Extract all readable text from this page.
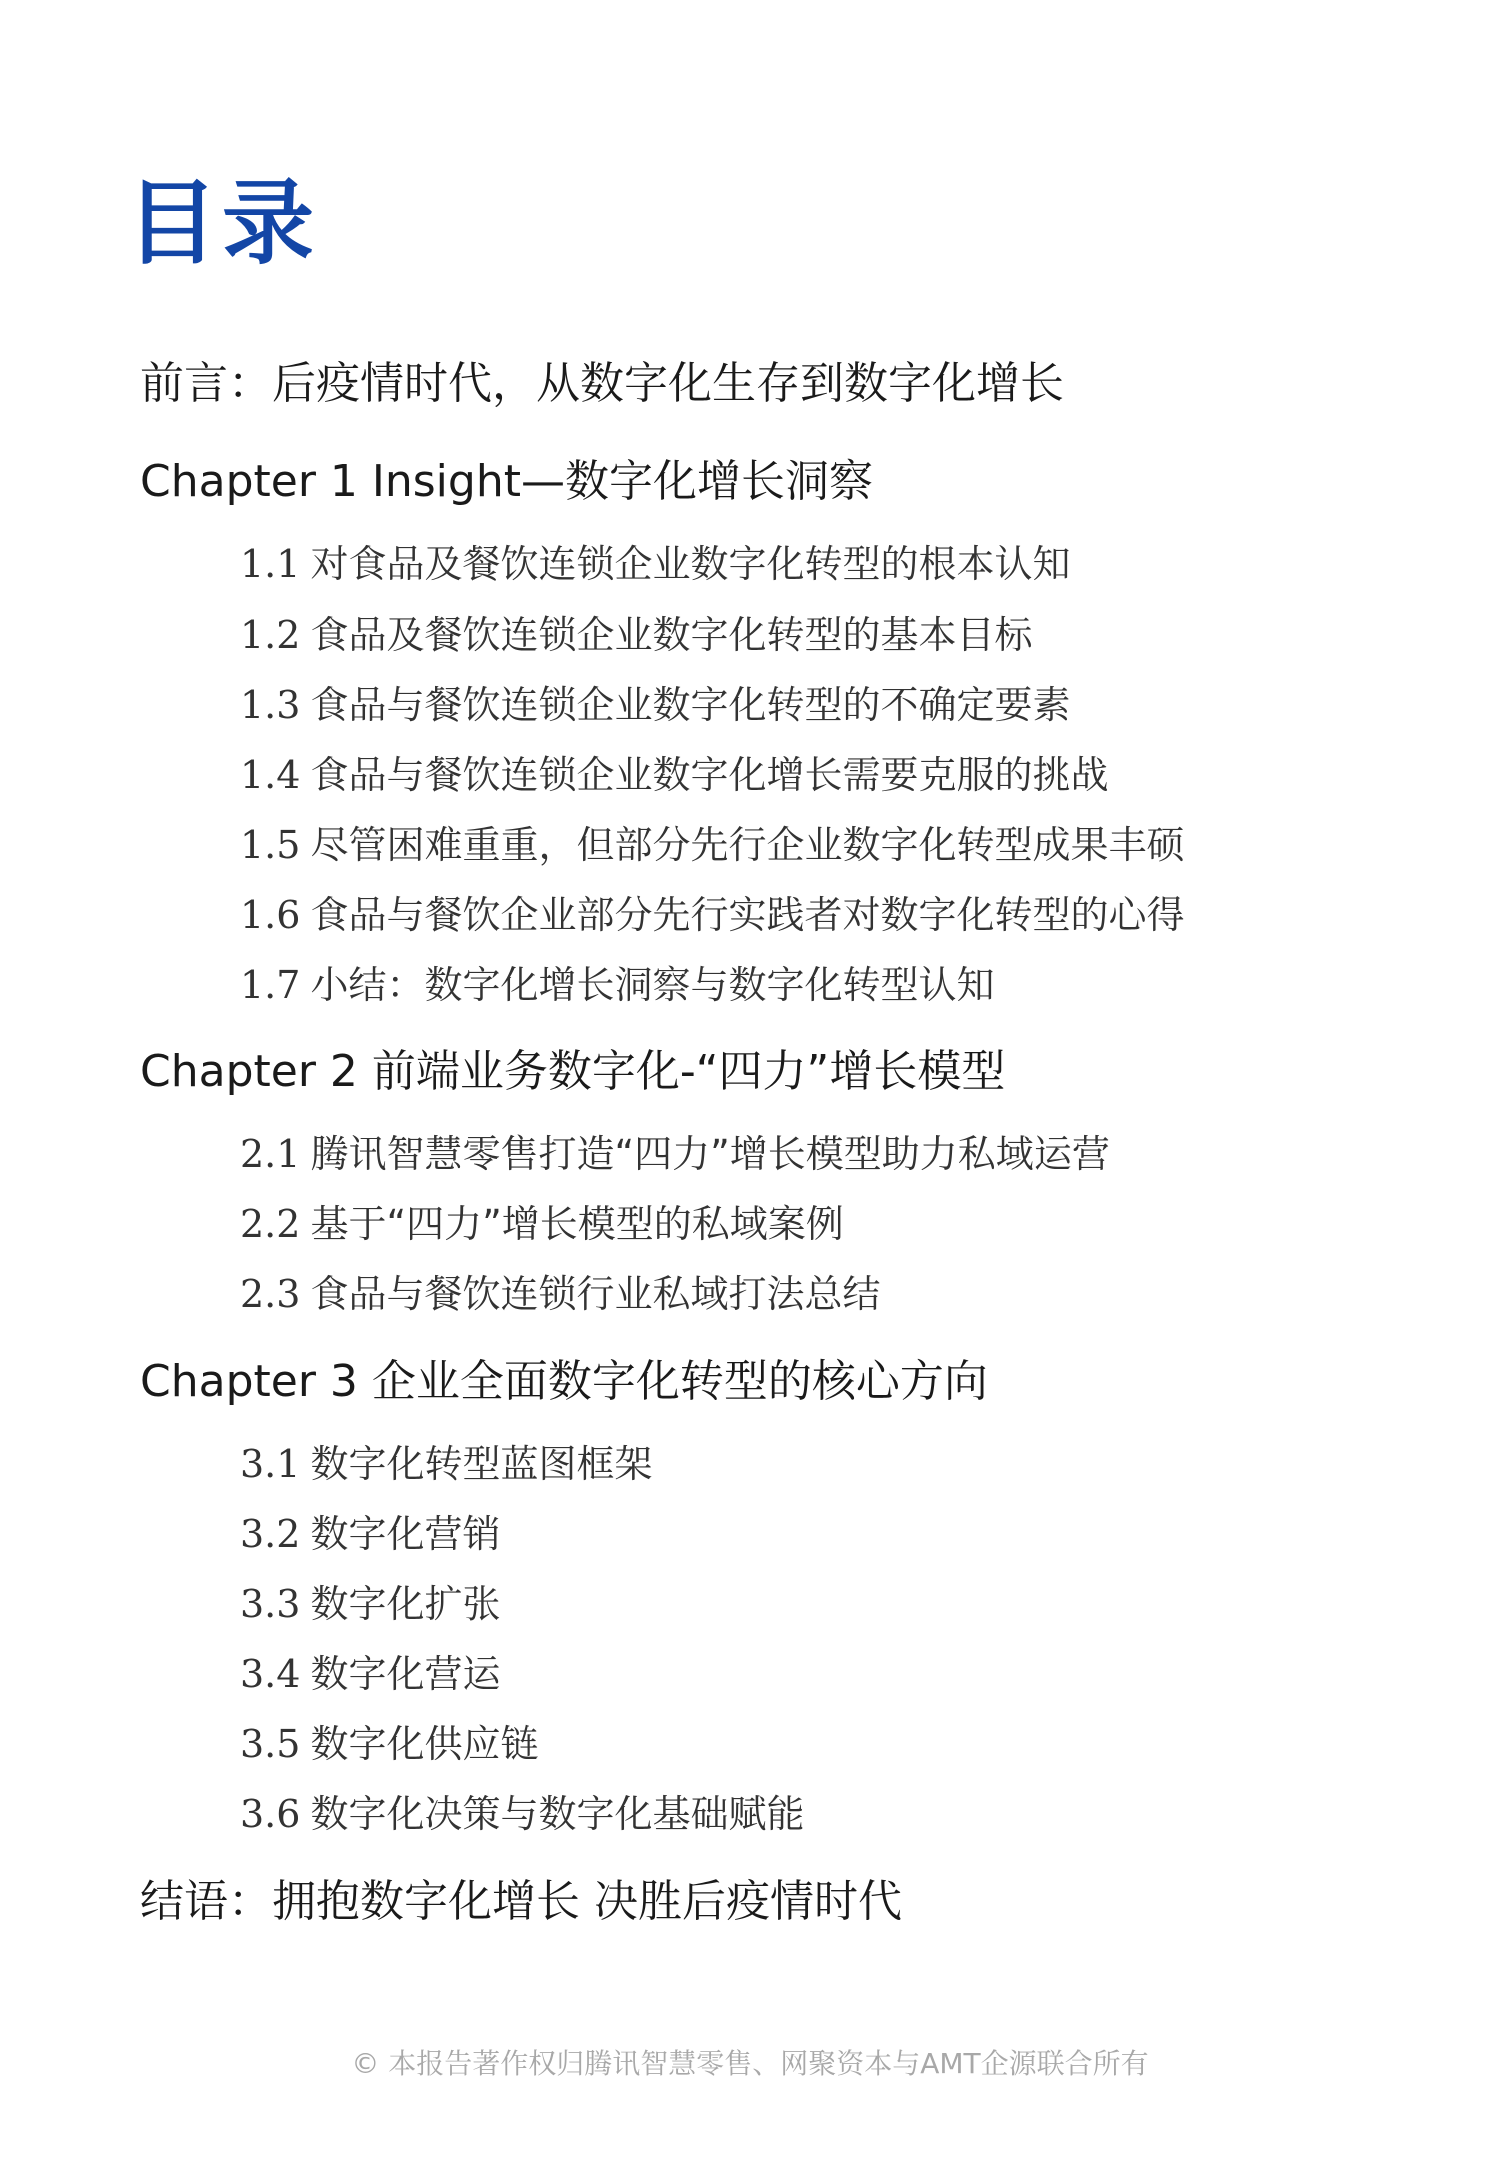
目录
前言：后疫情时代，从数字化生存到数字化增长
Chapter 1 Insight—数字化增长洞察
1.1 对食品及餐饮连锁企业数字化转型的根本认知
1.2 食品及餐饮连锁企业数字化转型的基本目标
1.3 食品与餐饮连锁企业数字化转型的不确定要素
1.4 食品与餐饮连锁企业数字化增长需要克服的挑战
1.5 尽管困难重重，但部分先行企业数字化转型成果丰硕
1.6 食品与餐饮企业部分先行实践者对数字化转型的心得
1.7 小结：数字化增长洞察与数字化转型认知
Chapter 2 前端业务数字化-“四力”增长模型
2.1 腾讯智慧零售打造“四力”增长模型助力私域运营
2.2 基于“四力”增长模型的私域案例
2.3 食品与餐饮连锁行业私域打法总结
Chapter 3 企业全面数字化转型的核心方向
3.1 数字化转型蓝图框架
3.2 数字化营销
3.3 数字化扩张
3.4 数字化营运
3.5 数字化供应链
3.6 数字化决策与数字化基础赋能
结语：拥抱数字化增长 决胜后疫情时代
© 本报告著作权归腾讯智慧零售、网聚资本与AMT企源联合所有
